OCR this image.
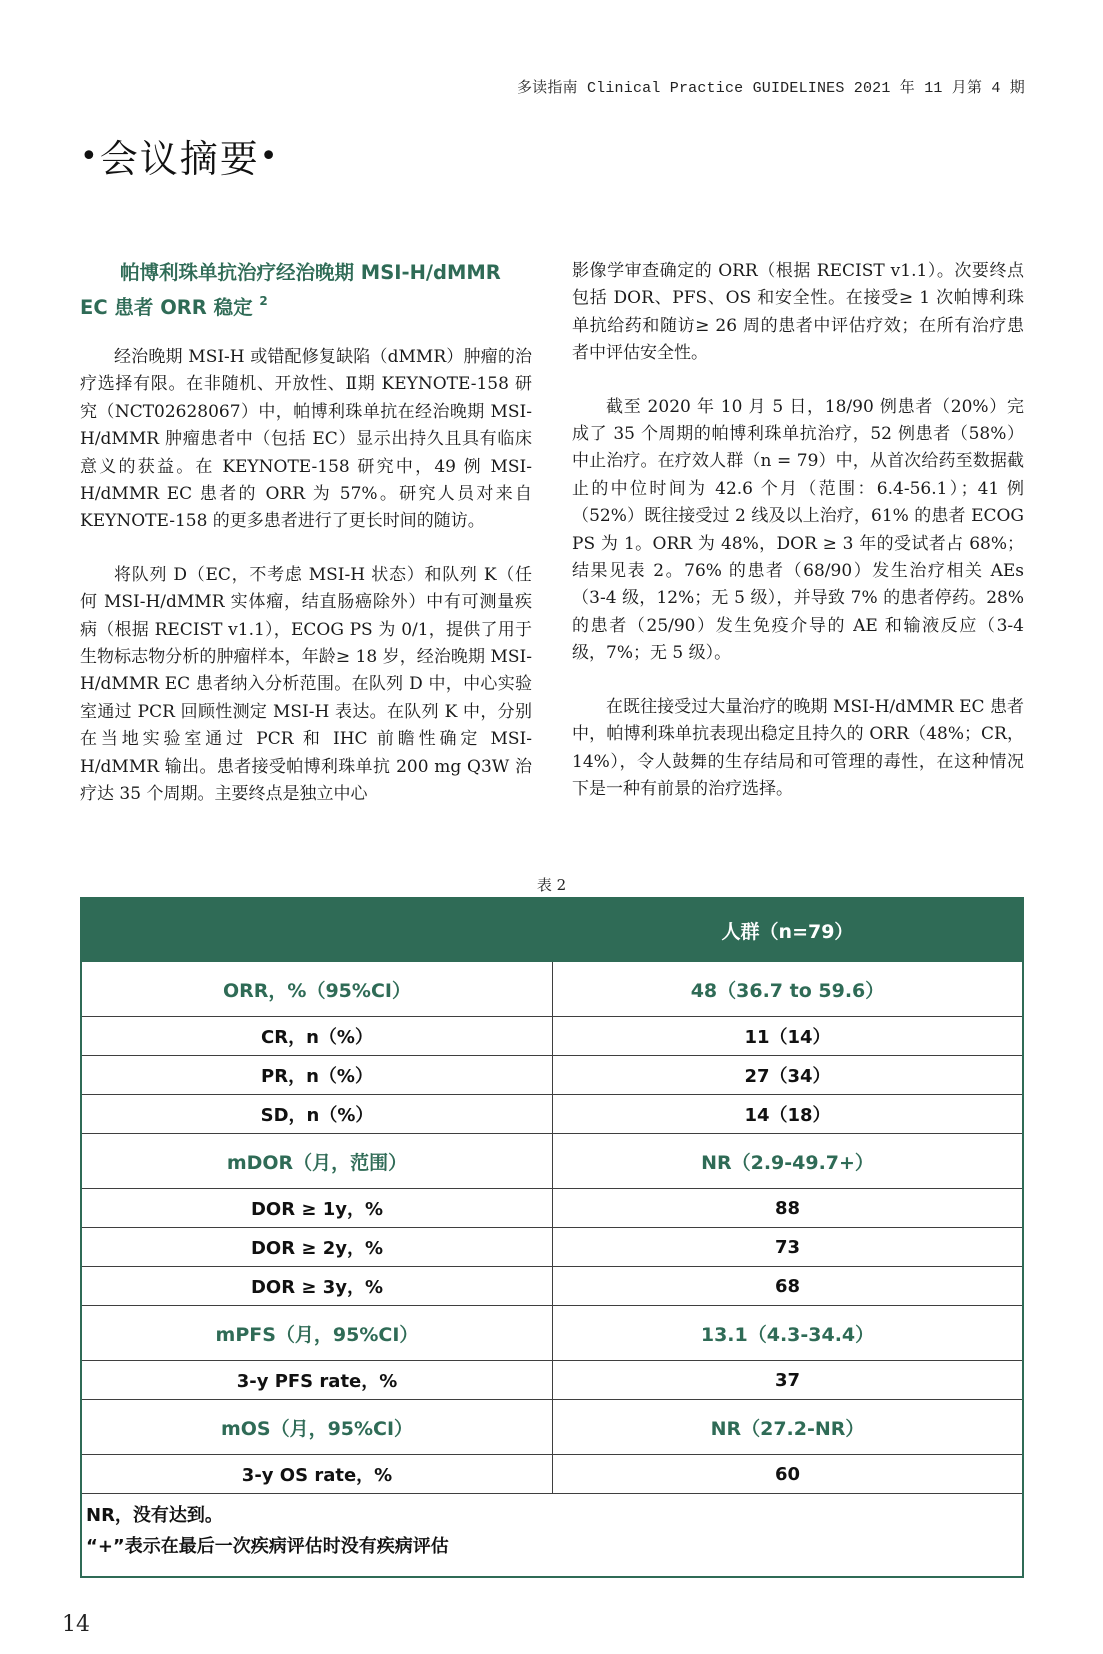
多读指南 Clinical Practice GUIDELINES 2021 年 11 月第 4 期
•会议摘要•
帕博利珠单抗治疗经治晚期 MSI-H/dMMR EC 患者 ORR 稳定 $^2$

经治晚期 MSI-H 或错配修复缺陷（dMMR）肿瘤的治疗选择有限。在非随机、开放性、Ⅱ期 KEYNOTE-158 研究（NCT02628067）中，帕博利珠单抗在经治晚期 MSI-H/dMMR 肿瘤患者中（包括 EC）显示出持久且具有临床意义的获益。在 KEYNOTE-158 研究中，49 例 MSI-H/dMMR EC 患者的 ORR 为 57%。研究人员对来自 KEYNOTE-158 的更多患者进行了更长时间的随访。

将队列 D（EC，不考虑 MSI-H 状态）和队列 K（任何 MSI-H/dMMR 实体瘤，结直肠癌除外）中有可测量疾病（根据 RECIST v1.1），ECOG PS 为 0/1，提供了用于生物标志物分析的肿瘤样本，年龄≥ 18 岁，经治晚期 MSI-H/dMMR EC 患者纳入分析范围。在队列 D 中，中心实验室通过 PCR 回顾性测定 MSI-H 表达。在队列 K 中，分别在当地实验室通过 PCR 和 IHC 前瞻性确定 MSI-H/dMMR 输出。患者接受帕博利珠单抗 200 mg Q3W 治疗达 35 个周期。主要终点是独立中心

影像学审查确定的 ORR（根据 RECIST v1.1）。次要终点包括 DOR、PFS、OS 和安全性。在接受≥ 1 次帕博利珠单抗给药和随访≥ 26 周的患者中评估疗效；在所有治疗患者中评估安全性。

截至 2020 年 10 月 5 日，18/90 例患者（20%）完成了 35 个周期的帕博利珠单抗治疗，52 例患者（58%）中止治疗。在疗效人群（n = 79）中，从首次给药至数据截止的中位时间为 42.6 个月（范围：6.4-56.1）；41 例（52%）既往接受过 2 线及以上治疗，61% 的患者 ECOG PS 为 1。ORR 为 48%，DOR ≥ 3 年的受试者占 68%；结果见表 2。76% 的患者（68/90）发生治疗相关 AEs（3-4 级，12%；无 5 级），并导致 7% 的患者停药。28% 的患者（25/90）发生免疫介导的 AE 和输液反应（3-4 级，7%；无 5 级）。

在既往接受过大量治疗的晚期 MSI-H/dMMR EC 患者中，帕博利珠单抗表现出稳定且持久的 ORR（48%；CR，14%），令人鼓舞的生存结局和可管理的毒性，在这种情况下是一种有前景的治疗选择。

表 2
	人群（n=79）
ORR，%（95%CI）	48（36.7 to 59.6）
CR，n（%）	11（14）
PR，n（%）	27（34）
SD，n（%）	14（18）
mDOR（月，范围）	NR（2.9-49.7+）
DOR ≥ 1y，%	88
DOR ≥ 2y，%	73
DOR ≥ 3y，%	68
mPFS（月，95%CI）	13.1（4.3-34.4）
3-y PFS rate，%	37
mOS（月，95%CI）	NR（27.2-NR）
3-y OS rate，%	60

NR，没有达到。
“+”表示在最后一次疾病评估时没有疾病评估	
14
